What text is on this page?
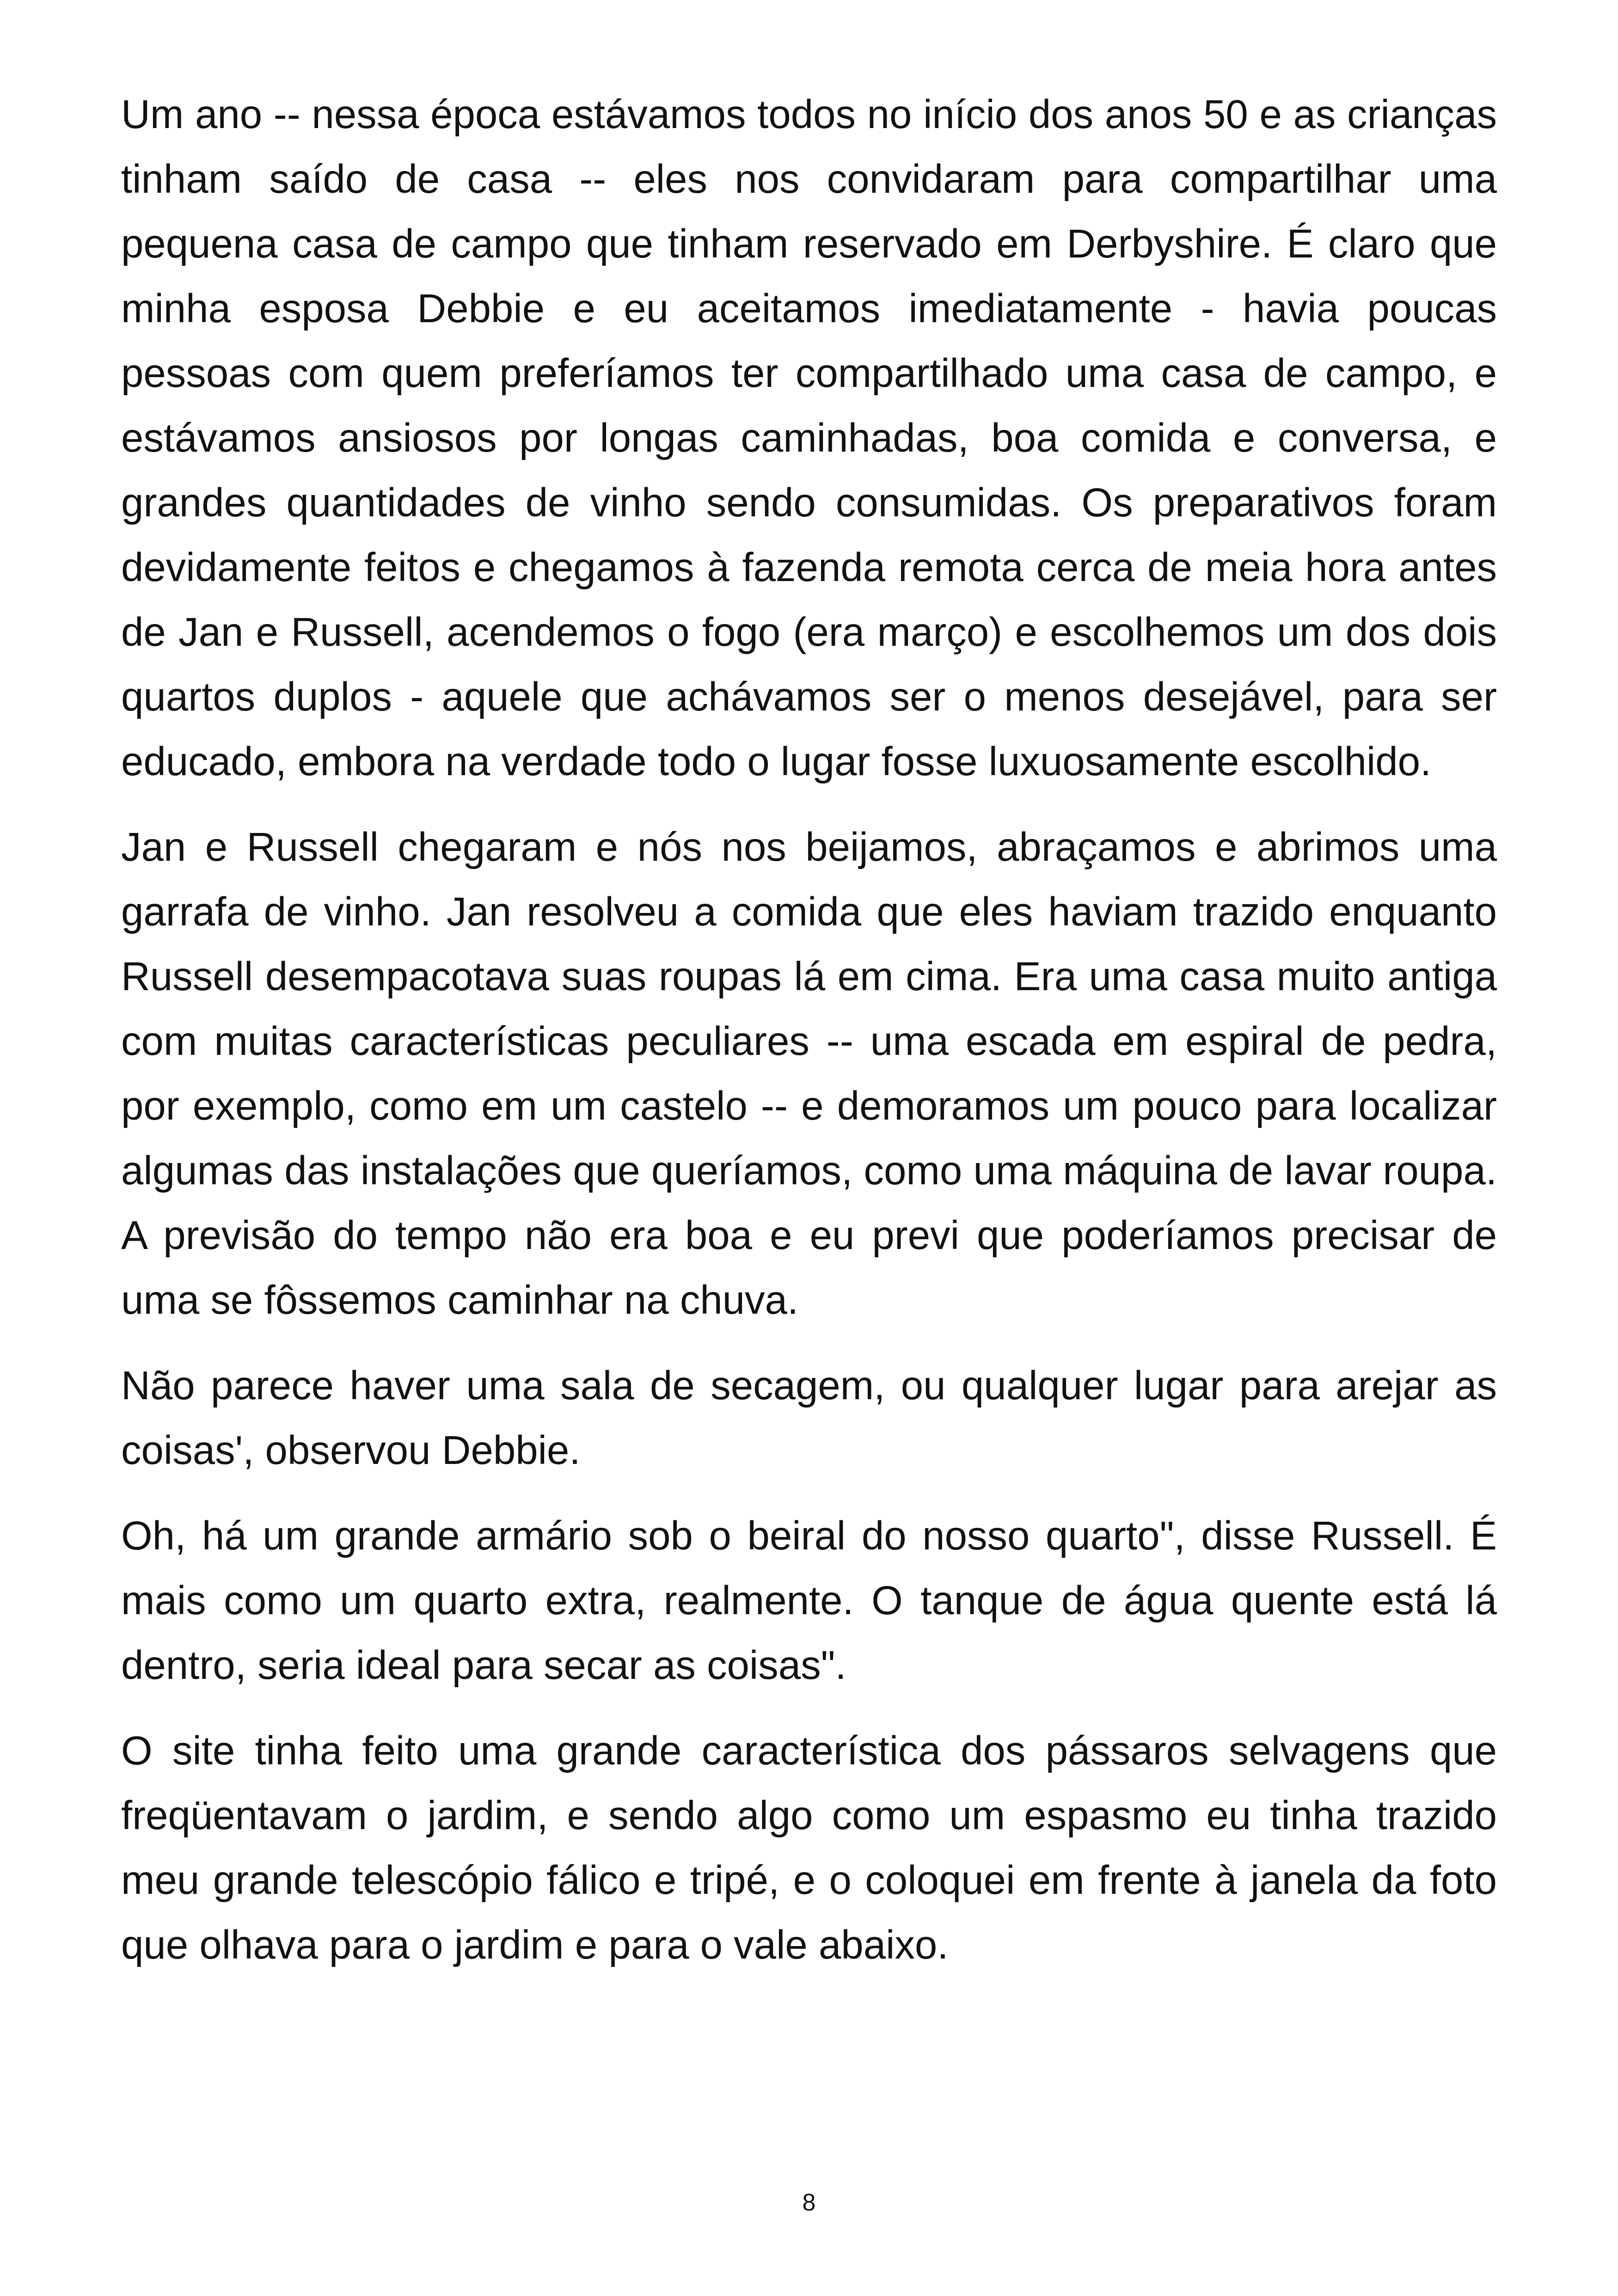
Um ano -- nessa época estávamos todos no início dos anos 50 e as crianças tinham saído de casa -- eles nos convidaram para compartilhar uma pequena casa de campo que tinham reservado em Derbyshire. É claro que minha esposa Debbie e eu aceitamos imediatamente - havia poucas pessoas com quem preferíamos ter compartilhado uma casa de campo, e estávamos ansiosos por longas caminhadas, boa comida e conversa, e grandes quantidades de vinho sendo consumidas. Os preparativos foram devidamente feitos e chegamos à fazenda remota cerca de meia hora antes de Jan e Russell, acendemos o fogo (era março) e escolhemos um dos dois quartos duplos - aquele que achávamos ser o menos desejável, para ser educado, embora na verdade todo o lugar fosse luxuosamente escolhido.

Jan e Russell chegaram e nós nos beijamos, abraçamos e abrimos uma garrafa de vinho. Jan resolveu a comida que eles haviam trazido enquanto Russell desempacotava suas roupas lá em cima. Era uma casa muito antiga com muitas características peculiares -- uma escada em espiral de pedra, por exemplo, como em um castelo -- e demoramos um pouco para localizar algumas das instalações que queríamos, como uma máquina de lavar roupa. A previsão do tempo não era boa e eu previ que poderíamos precisar de uma se fôssemos caminhar na chuva.

Não parece haver uma sala de secagem, ou qualquer lugar para arejar as coisas', observou Debbie.

Oh, há um grande armário sob o beiral do nosso quarto", disse Russell. É mais como um quarto extra, realmente. O tanque de água quente está lá dentro, seria ideal para secar as coisas".

O site tinha feito uma grande característica dos pássaros selvagens que freqüentavam o jardim, e sendo algo como um espasmo eu tinha trazido meu grande telescópio fálico e tripé, e o coloquei em frente à janela da foto que olhava para o jardim e para o vale abaixo.

8
